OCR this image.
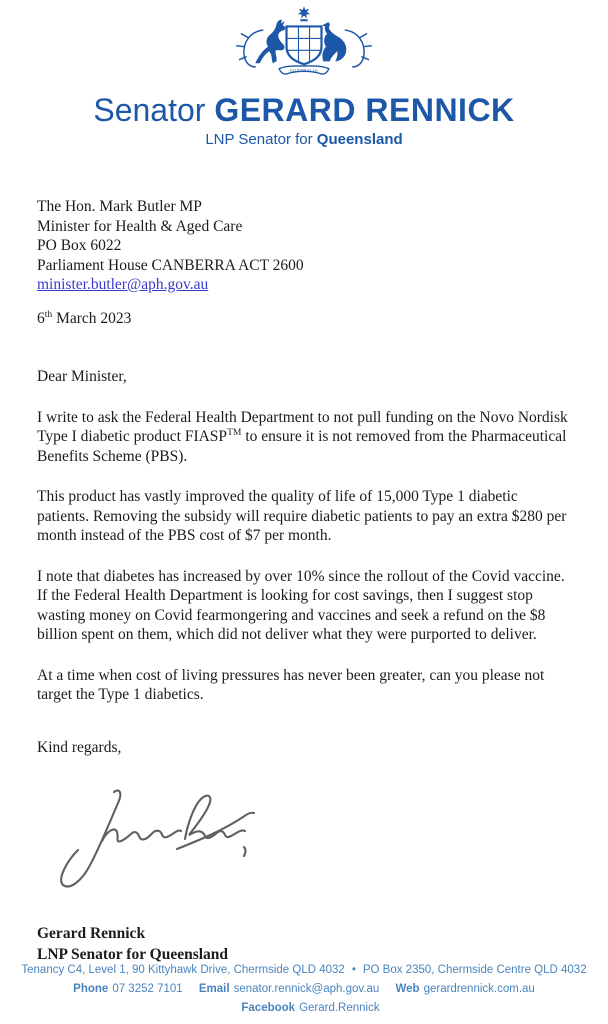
AUSTRALIA
Senator GERARD RENNICK
LNP Senator for Queensland
The Hon. Mark Butler MP
Minister for Health & Aged Care
PO Box 6022
Parliament House CANBERRA ACT 2600
minister.butler@aph.gov.au
6th March 2023
Dear Minister,

I write to ask the Federal Health Department to not pull funding on the Novo Nordisk Type I diabetic product FIASP™ to ensure it is not removed from the Pharmaceutical Benefits Scheme (PBS).

This product has vastly improved the quality of life of 15,000 Type 1 diabetic patients. Removing the subsidy will require diabetic patients to pay an extra $280 per month instead of the PBS cost of $7 per month.

I note that diabetes has increased by over 10% since the rollout of the Covid vaccine. If the Federal Health Department is looking for cost savings, then I suggest stop wasting money on Covid fearmongering and vaccines and seek a refund on the $8 billion spent on them, which did not deliver what they were purported to deliver.

At a time when cost of living pressures has never been greater, can you please not target the Type 1 diabetics.

Kind regards,
Gerard Rennick
LNP Senator for Queensland
Tenancy C4, Level 1, 90 Kittyhawk Drive, Chermside QLD 4032 • PO Box 2350, Chermside Centre QLD 4032
Phone 07 3252 7101 Email senator.rennick@aph.gov.au Web gerardrennick.com.au Facebook Gerard.Rennick
